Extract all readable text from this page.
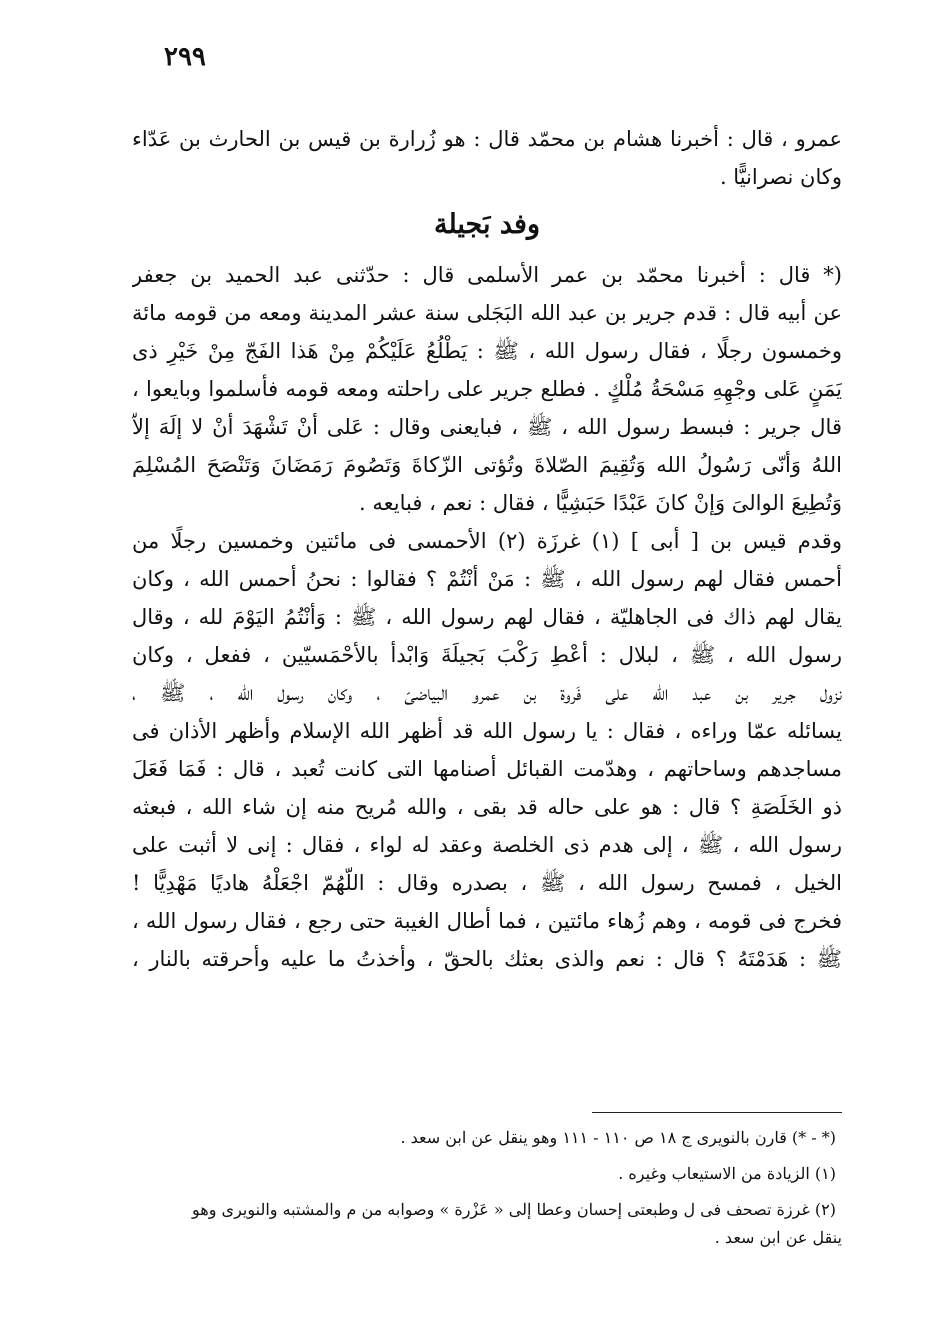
٢٩٩
عمرو ، قال : أخبرنا هشام بن محمّد قال : هو زُرارة بن قيس بن الحارث بن عَدّاء
وكان نصرانيًّا .
وفد بَجيلة
(* قال : أخبرنا محمّد بن عمر الأسلمى قال : حدّثنى عبد الحميد بن جعفر
عن أبيه قال : قدم جرير بن عبد الله البَجَلى سنة عشر المدينة ومعه من قومه مائة
وخمسون رجلًا ، فقال رسول الله ، ﷺ : يَطْلُعُ عَلَيْكُمْ مِنْ هَذا الفَجّ مِنْ خَيْرِ ذى
يَمَنٍ عَلى وجْهِهِ مَسْحَةُ مُلْكٍ . فطلع جرير على راحلته ومعه قومه فأسلموا وبايعوا ،
قال جرير : فبسط رسول الله ، ﷺ ، فبايعنى وقال : عَلى أنْ تَشْهَدَ أنْ لا إلَهَ إلاّ
اللهُ وَأنّى رَسُولُ الله وَتُقِيمَ الصّلاةَ وتُؤتى الزّكاةَ وَتَصُومَ رَمَضَانَ وَتَنْصَحَ المُسْلِمَ
وَتُطِيعَ الوالىَ وَإنْ كانَ عَبْدًا حَبَشِيًّا ، فقال : نعم ، فبايعه .
وقدم قيس بن [ أبى ] (١) غرزَة (٢) الأحمسى فى مائتين وخمسين رجلًا من
أحمس فقال لهم رسول الله ، ﷺ : مَنْ أنْتُمْ ؟ فقالوا : نحنُ أحمس الله ، وكان
يقال لهم ذاك فى الجاهليّة ، فقال لهم رسول الله ، ﷺ : وَأنْتُمُ اليَوْمَ لله ، وقال
رسول الله ، ﷺ ، لبلال : أعْطِ رَكْبَ بَجيلَةَ وَابْدأ بالأحْمَسيّين ، ففعل ، وكان
نزول جرير بن عبد الله على فَروة بن عمرو البياضىّ ، وكان رسول الله ، ﷺ ،
يسائله عمّا وراءه ، فقال : يا رسول الله قد أظهر الله الإسلام وأظهر الأذان فى
مساجدهم وساحاتهم ، وهدّمت القبائل أصنامها التى كانت تُعبد ، قال : فَمَا فَعَلَ
ذو الخَلَصَةِ ؟ قال : هو على حاله قد بقى ، والله مُريح منه إن شاء الله ، فبعثه
رسول الله ، ﷺ ، إلى هدم ذى الخلصة وعقد له لواء ، فقال : إنى لا أثبت على
الخيل ، فمسح رسول الله ، ﷺ ، بصدره وقال : اللّهُمّ اجْعَلْهُ هاديًا مَهْدِيًّا !
فخرج فى قومه ، وهم زُهاء مائتين ، فما أطال الغيبة حتى رجع ، فقال رسول الله ،
ﷺ : هَدَمْتَهُ ؟ قال : نعم والذى بعثك بالحقّ ، وأخذتُ ما عليه وأحرقته بالنار ،
(* - *) قارن بالنويرى ج ١٨ ص ١١٠ - ١١١ وهو ينقل عن ابن سعد .
(١) الزيادة من الاستيعاب وغيره .
(٢) غرزة تصحف فى ل وطبعتى إحسان وعطا إلى « عَزْرة » وصوابه من م والمشتبه والنويرى وهو
ينقل عن ابن سعد .
